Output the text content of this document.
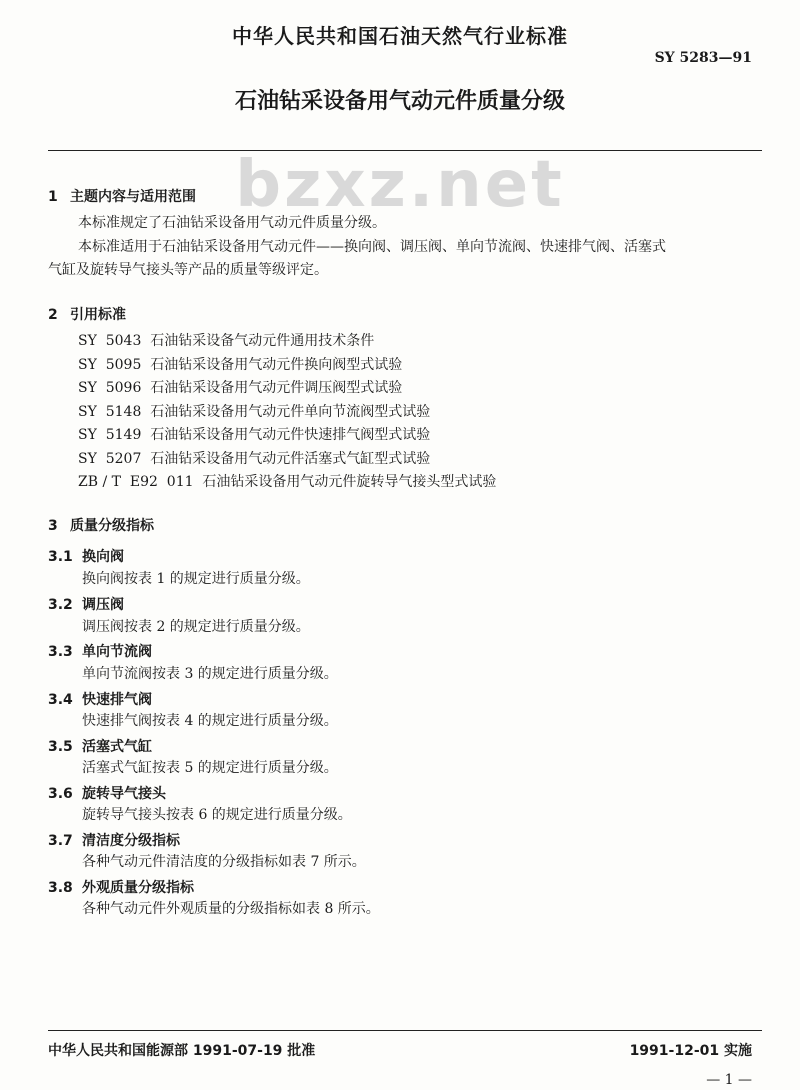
中华人民共和国石油天然气行业标准
SY 5283—91
石油钻采设备用气动元件质量分级
bzxz.net
1 主题内容与适用范围
本标准规定了石油钻采设备用气动元件质量分级。
本标准适用于石油钻采设备用气动元件——换向阀、调压阀、单向节流阀、快速排气阀、活塞式
气缸及旋转导气接头等产品的质量等级评定。
2 引用标准
SY  5043  石油钻采设备气动元件通用技术条件
SY  5095  石油钻采设备用气动元件换向阀型式试验
SY  5096  石油钻采设备用气动元件调压阀型式试验
SY  5148  石油钻采设备用气动元件单向节流阀型式试验
SY  5149  石油钻采设备用气动元件快速排气阀型式试验
SY  5207  石油钻采设备用气动元件活塞式气缸型式试验
ZB / T  E92  011  石油钻采设备用气动元件旋转导气接头型式试验
3 质量分级指标
3.1 换向阀
换向阀按表 1 的规定进行质量分级。
3.2 调压阀
调压阀按表 2 的规定进行质量分级。
3.3 单向节流阀
单向节流阀按表 3 的规定进行质量分级。
3.4 快速排气阀
快速排气阀按表 4 的规定进行质量分级。
3.5 活塞式气缸
活塞式气缸按表 5 的规定进行质量分级。
3.6 旋转导气接头
旋转导气接头按表 6 的规定进行质量分级。
3.7 清洁度分级指标
各种气动元件清洁度的分级指标如表 7 所示。
3.8 外观质量分级指标
各种气动元件外观质量的分级指标如表 8 所示。
中华人民共和国能源部 1991-07-19 批准	1991-12-01 实施
— 1 —
